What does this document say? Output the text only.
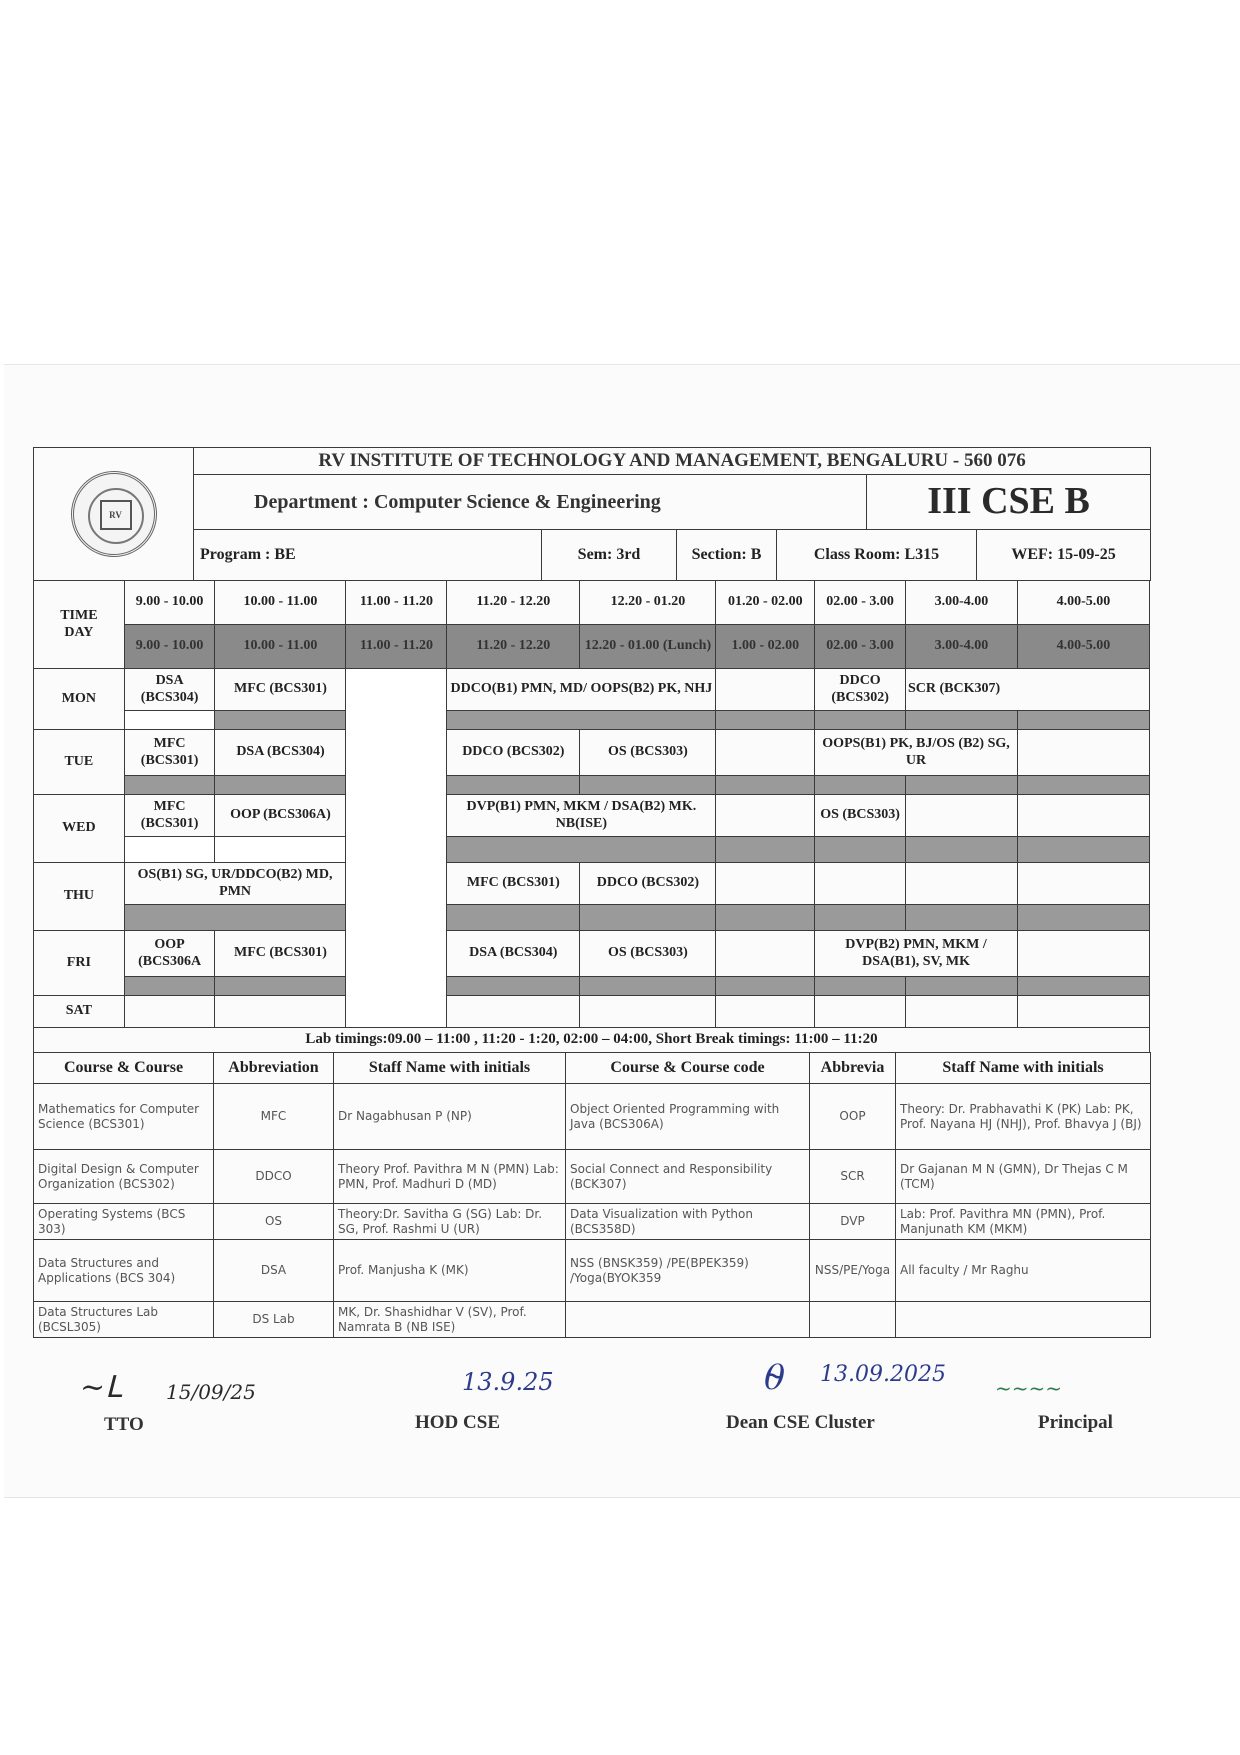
RV	RV INSTITUTE OF TECHNOLOGY AND MANAGEMENT, BENGALURU - 560 076					
	Department : Computer Science & Engineering				III CSE B	
	Program : BE	Sem: 3rd	Section: B	Class Room: L315		WEF: 15-09-25
TIME
DAY	9.00 - 10.00	10.00 - 11.00	11.00 - 11.20	11.20 - 12.20	12.20 - 01.20	01.20 - 02.00	02.00 - 3.00	3.00-4.00	4.00-5.00
	9.00 - 10.00	10.00 - 11.00	11.00 - 11.20	11.20 - 12.20	12.20 - 01.00 (Lunch)	1.00 - 02.00	02.00 - 3.00	3.00-4.00	4.00-5.00
MON	DSA (BCS304)	MFC (BCS301)		DDCO(B1) PMN, MD/ OOPS(B2) PK, NHJ			DDCO (BCS302)	SCR (BCK307)	

TUE	MFC (BCS301)	DSA (BCS304)		DDCO (BCS302)	OS (BCS303)		OOPS(B1) PK, BJ/OS (B2) SG, UR		

WED	MFC (BCS301)	OOP (BCS306A)		DVP(B1) PMN, MKM / DSA(B2) MK. NB(ISE)			OS (BCS303)		

THU	OS(B1) SG, UR/DDCO(B2) MD, PMN			MFC (BCS301)	DDCO (BCS302)				

FRI	OOP (BCS306A	MFC (BCS301)		DSA (BCS304)	OS (BCS303)		DVP(B2) PMN, MKM / DSA(B1), SV, MK		

SAT									
Lab timings:09.00 – 11:00 , 11:20 - 1:20, 02:00 – 04:00, Short Break timings: 11:00 – 11:20									
Course & Course	Abbreviation	Staff Name with initials	Course & Course code	Abbrevia	Staff Name with initials
Mathematics for Computer Science (BCS301)	MFC	Dr Nagabhusan P (NP)	Object Oriented Programming with Java (BCS306A)	OOP	Theory: Dr. Prabhavathi K (PK) Lab: PK, Prof. Nayana HJ (NHJ), Prof. Bhavya J (BJ)
Digital Design & Computer Organization (BCS302)	DDCO	Theory Prof. Pavithra M N (PMN) Lab: PMN, Prof. Madhuri D (MD)	Social Connect and Responsibility (BCK307)	SCR	Dr Gajanan M N (GMN), Dr Thejas C M (TCM)
Operating Systems (BCS 303)	OS	Theory:Dr. Savitha G (SG) Lab: Dr. SG, Prof. Rashmi U (UR)	Data Visualization with Python (BCS358D)	DVP	Lab: Prof. Pavithra MN (PMN), Prof. Manjunath KM (MKM)
Data Structures and Applications (BCS 304)	DSA	Prof. Manjusha K (MK)	NSS (BNSK359) /PE(BPEK359) /Yoga(BYOK359	NSS/PE/Yoga	All faculty / Mr Raghu
Data Structures Lab (BCSL305)	DS Lab	MK, Dr. Shashidhar V (SV), Prof. Namrata B (NB ISE)			
~ᒪ 15/09/25
TTO
13.9.25
HOD CSE
⍬ 13.09.2025
Dean CSE Cluster
~~~~
Principal
